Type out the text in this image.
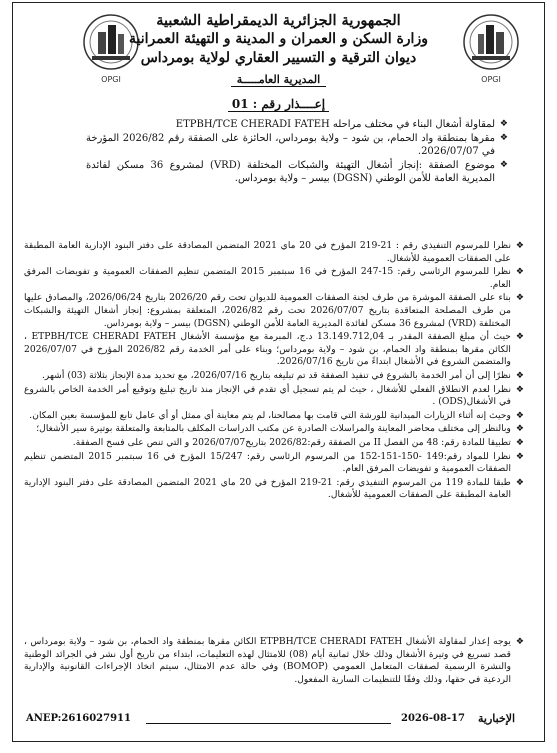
OPGI	OPGI
الجمهورية الجزائرية الديمقراطية الشعبية
وزارة السكن و العمران و المدينة و التهيئة العمرانية
ديوان الترقية و التسيير العقاري لولاية بومرداس
المديرية العامـــــة
إعــــذار رقم : 01

❖ لمقاولة أشغال البناء في مختلف مراحله ETPBH/TCE CHERADI FATEH

❖ مقرها بمنطقة واد الحمام، بن شود – ولاية بومرداس، الحائزة على الصفقة رقم 2026/82 المؤرخة في 2026/07/07.

❖ موضوع الصفقة :إنجاز أشغال التهيئة والشبكات المختلفة (VRD) لمشروع 36 مسكن لفائدة المديرية العامة للأمن الوطني (DGSN) بيسر – ولاية بومرداس.

❖ نظرا للمرسوم التنفيذي رقم : 21-219 المؤرخ في 20 ماي 2021 المتضمن المصادقة على دفتر البنود الإدارية العامة المطبقة على الصفقات العمومية للأشغال.

❖ نظرا للمرسوم الرئاسي رقم: 15-247 المؤرخ في 16 سبتمبر 2015 المتضمن تنظيم الصفقات العمومية و تفويضات المرفق العام.

❖ بناء على الصفقة الموشرة من طرف لجنة الصفقات العمومية للديوان تحت رقم 2026/20 بتاريخ 2026/06/24، والمصادق عليها من طرف المصلحة المتعاقدة بتاريخ 2026/07/07 تحت رقم 2026/82، المتعلقة بمشروع: إنجاز أشغال التهيئة والشبكات المختلفة (VRD) لمشروع 36 مسكن لفائدة المديرية العامة للأمن الوطني (DGSN) بيسر – ولاية بومرداس.

❖ حيث أن مبلغ الصفقة المقدر بـ 13.149.712,04 د.ج، المبرمة مع مؤسسة الأشغال ETPBH/TCE CHERADI FATEH ، الكائن مقرها بمنطقة واد الحمام، بن شود – ولاية بومرداس؛ وبناء على أمر الخدمة رقم 2026/82 المؤرخ في 2026/07/07 والمتضمن الشروع في الأشغال ابتداءً من تاريخ 2026/07/16.

❖ نظرًا إلى أن أمر الخدمة بالشروع في تنفيذ الصفقة قد تم تبليغه بتاريخ 2026/07/16، مع تحديد مدة الإنجاز بثلاثة (03) أشهر.

❖ نظرا لعدم الانطلاق الفعلي للأشغال ، حيث لم يتم تسجيل أي تقدم في الإنجاز منذ تاريخ تبليغ وتوقيع أمر الخدمة الخاص بالشروع في الأشغال(ODS) .

❖ وحيث إنه أثناء الزيارات الميدانية للورشة التي قامت بها مصالحنا، لم يتم معاينة أي ممثل أو أي عامل تابع للمؤسسة بعين المكان.

❖ وبالنظر إلى مختلف محاضر المعاينة والمراسلات الصادرة عن مكتب الدراسات المكلف بالمتابعة والمتعلقة بوتيرة سير الأشغال؛

❖ تطبيقا للمادة رقم: 48 من الفصل II من الصفقة رقم:2026/82 بتاريخ2026/07/07 و التي تنص على فسخ الصفقة.

❖ نظرا للمواد رقم:149 -150-151-152 من المرسوم الرئاسي رقم: 15/247 المؤرخ في 16 سبتمبر 2015 المتضمن تنظيم الصفقات العمومية و تفويضات المرفق العام.

❖ طبقا للمادة 119 من المرسوم التنفيذي رقم: 21-219 المؤرخ في 20 ماي 2021 المتضمن المصادقة على دفتر البنود الإدارية العامة المطبقة على الصفقات العمومية للأشغال.

❖ يوجه إعذار لمقاولة الأشغال ETPBH/TCE CHERADI FATEH الكائن مقرها بمنطقة واد الحمام، بن شود – ولاية بومرداس ، قصد تسريع في وتيرة الأشغال وذلك خلال ثمانية أيام (08) للامتثال لهذه التعليمات، ابتداء من تاريخ أول نشر في الجرائد الوطنية والنشرة الرسمية لصفقات المتعامل العمومي (BOMOP) وفي حالة عدم الامتثال، سيتم اتخاذ الإجراءات القانونية والإدارية الردعية في حقها، وذلك وفقًا للتنظيمات السارية المفعول.

ANEP:2616027911	2026-08-17 الإخبارية
